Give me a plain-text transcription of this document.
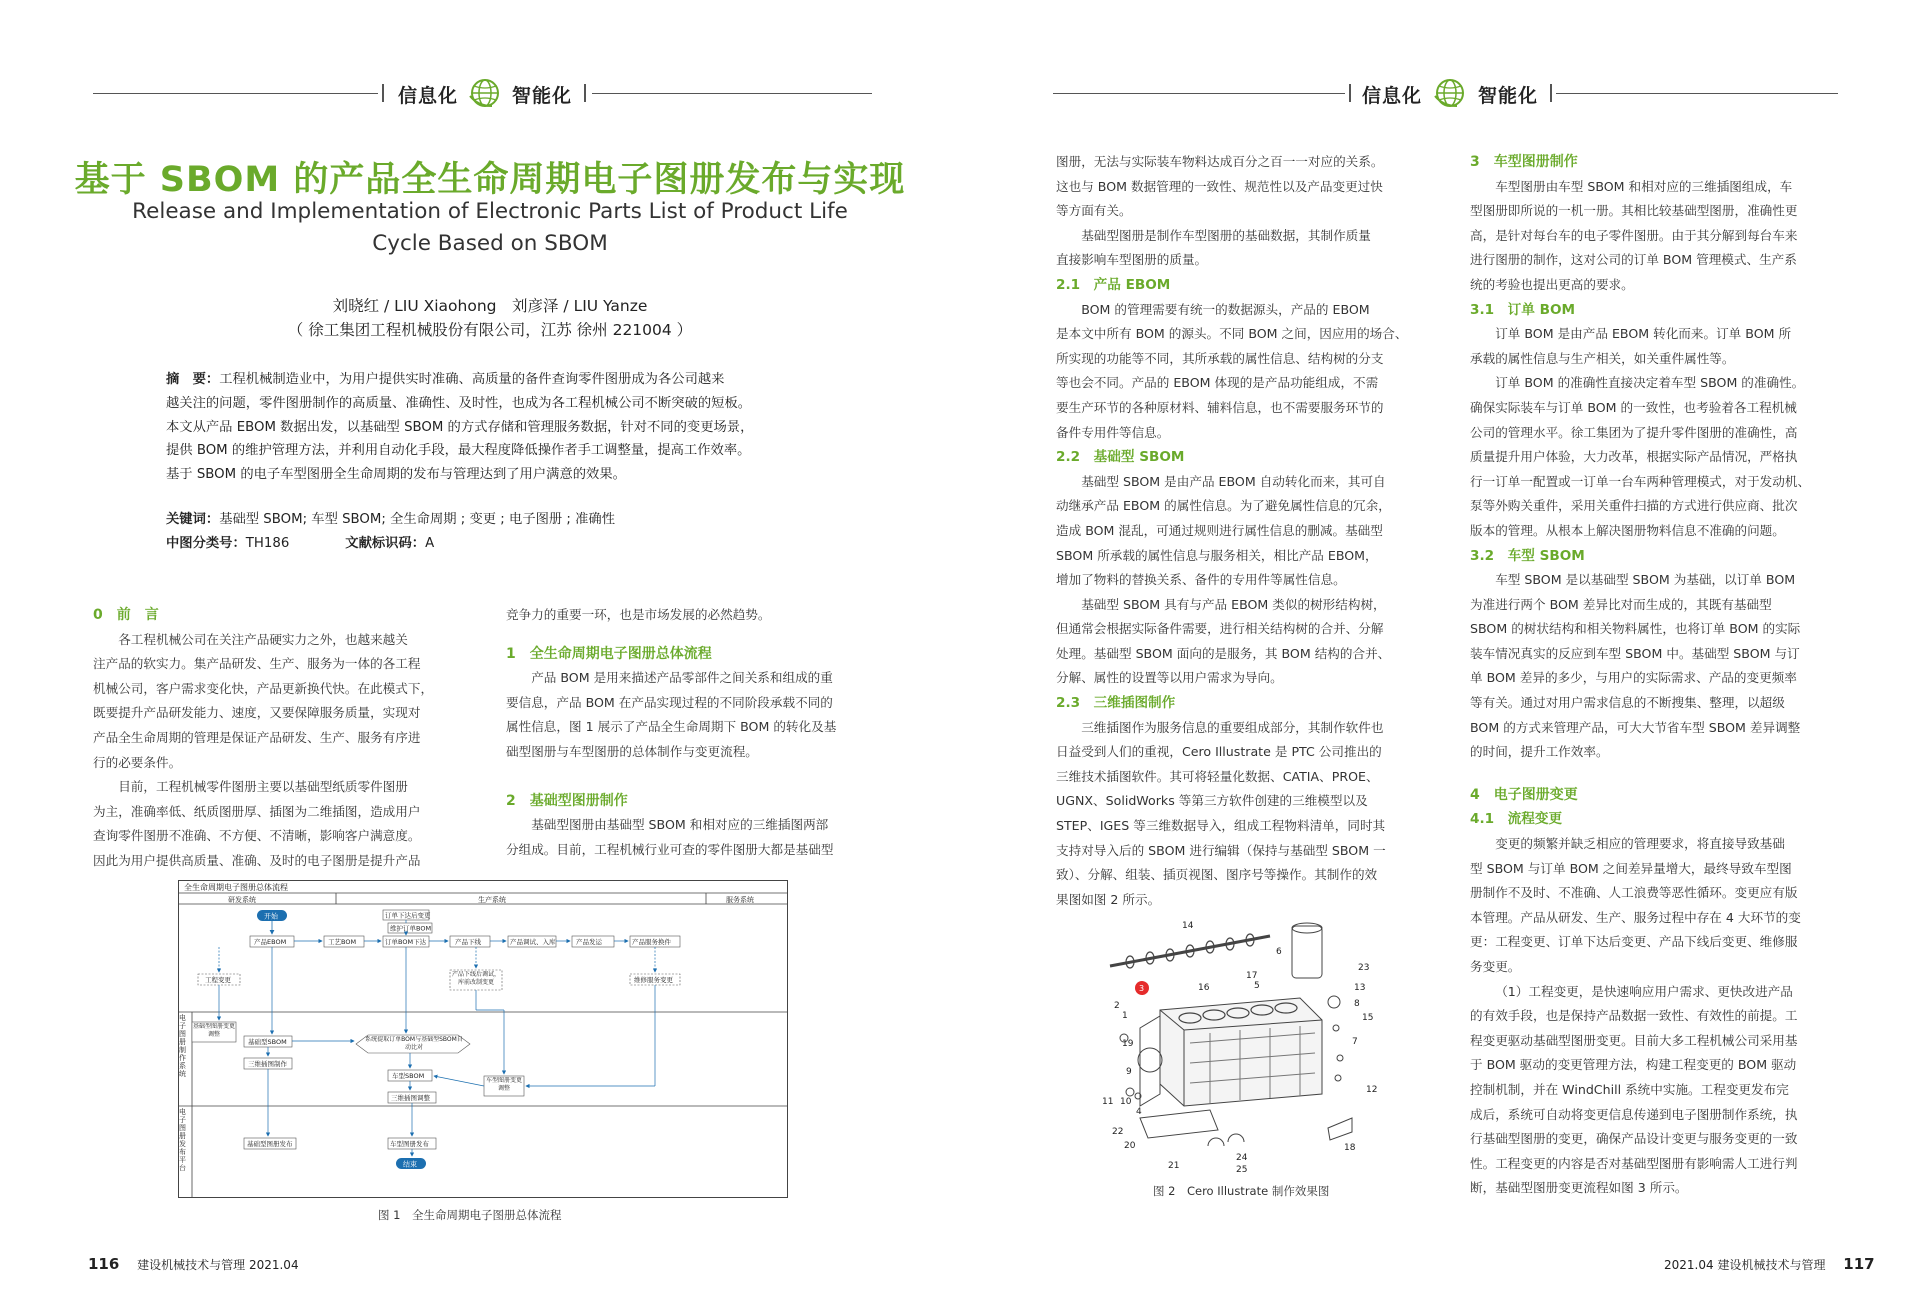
信息化	智能化	信息化	智能化
基于 SBOM 的产品全生命周期电子图册发布与实现
Release and Implementation of Electronic Parts List of Product Life
Cycle Based on SBOM
刘晓红 / LIU Xiaohong　刘彦泽 / LIU Yanze
（ 徐工集团工程机械股份有限公司，江苏 徐州 221004 ）
摘　要：工程机械制造业中，为用户提供实时准确、高质量的备件查询零件图册成为各公司越来
越关注的问题，零件图册制作的高质量、准确性、及时性，也成为各工程机械公司不断突破的短板。
本文从产品 EBOM 数据出发，以基础型 SBOM 的方式存储和管理服务数据，针对不同的变更场景，
提供 BOM 的维护管理方法，并利用自动化手段，最大程度降低操作者手工调整量，提高工作效率。
基于 SBOM 的电子车型图册全生命周期的发布与管理达到了用户满意的效果。
关键词：基础型 SBOM; 车型 SBOM; 全生命周期 ; 变更 ; 电子图册 ; 准确性
中图分类号：TH186	文献标识码：A

0　前　言

各工程机械公司在关注产品硬实力之外，也越来越关

注产品的软实力。集产品研发、生产、服务为一体的各工程

机械公司，客户需求变化快，产品更新换代快。在此模式下，

既要提升产品研发能力、速度，又要保障服务质量，实现对

产品全生命周期的管理是保证产品研发、生产、服务有序进

行的必要条件。

目前，工程机械零件图册主要以基础型纸质零件图册

为主，准确率低、纸质图册厚、插图为二维插图，造成用户

查询零件图册不准确、不方便、不清晰，影响客户满意度。

因此为用户提供高质量、准确、及时的电子图册是提升产品

竞争力的重要一环，也是市场发展的必然趋势。

1　全生命周期电子图册总体流程

产品 BOM 是用来描述产品零部件之间关系和组成的重

要信息，产品 BOM 在产品实现过程的不同阶段承载不同的

属性信息，图 1 展示了产品全生命周期下 BOM 的转化及基

础型图册与车型图册的总体制作与变更流程。

2　基础型图册制作

基础型图册由基础型 SBOM 和相对应的三维插图两部

分组成。目前，工程机械行业可查的零件图册大都是基础型

全生命周期电子图册总体流程
研发系统	生产系统	服务系统
电子图册制作系统
电子图册发布平台
开始
产品EBOM	工艺BOM	订单BOM下达	产品下线	产品调试、入库	产品发运	产品服务换件
订单下达后变更
维护订单BOM
工程变更
产品下线后调试，库前改制变更	维修服务变更
基础型SBOM
基础型图册变更调整
系统提取订单BOM与基础型SBOM自动比对
三维插图制作
车型SBOM
三维插图调整
车型图册变更调整
基础型图册发布	车型图册发布
结束
图 1　全生命周期电子图册总体流程

图册，无法与实际装车物料达成百分之百一一对应的关系。

这也与 BOM 数据管理的一致性、规范性以及产品变更过快

等方面有关。

基础型图册是制作车型图册的基础数据，其制作质量

直接影响车型图册的质量。

2.1　产品 EBOM

BOM 的管理需要有统一的数据源头，产品的 EBOM

是本文中所有 BOM 的源头。不同 BOM 之间，因应用的场合、

所实现的功能等不同，其所承载的属性信息、结构树的分支

等也会不同。产品的 EBOM 体现的是产品功能组成，不需

要生产环节的各种原材料、辅料信息，也不需要服务环节的

备件专用件等信息。

2.2　基础型 SBOM

基础型 SBOM 是由产品 EBOM 自动转化而来，其可自

动继承产品 EBOM 的属性信息。为了避免属性信息的冗余，

造成 BOM 混乱，可通过规则进行属性信息的删减。基础型

SBOM 所承载的属性信息与服务相关，相比产品 EBOM，

增加了物料的替换关系、备件的专用件等属性信息。

基础型 SBOM 具有与产品 EBOM 类似的树形结构树，

但通常会根据实际备件需要，进行相关结构树的合并、分解

处理。基础型 SBOM 面向的是服务，其 BOM 结构的合并、

分解、属性的设置等以用户需求为导向。

2.3　三维插图制作

三维插图作为服务信息的重要组成部分，其制作软件也

日益受到人们的重视，Cero Illustrate 是 PTC 公司推出的

三维技术插图软件。其可将轻量化数据、CATIA、PROE、

UGNX、SolidWorks 等第三方软件创建的三维模型以及

STEP、IGES 等三维数据导入，组成工程物料清单，同时其

支持对导入后的 SBOM 进行编辑（保持与基础型 SBOM 一

致）、分解、组装、插页视图、图序号等操作。其制作的效

果图如图 2 所示。

14
6
3	16
17
5
23
13
8
15
2
1
7
19
9
12
11 10
4
22
20
21
24
25
18
图 2　Cero Illustrate 制作效果图

3　车型图册制作

车型图册由车型 SBOM 和相对应的三维插图组成，车

型图册即所说的一机一册。其相比较基础型图册，准确性更

高，是针对每台车的电子零件图册。由于其分解到每台车来

进行图册的制作，这对公司的订单 BOM 管理模式、生产系

统的考验也提出更高的要求。

3.1　订单 BOM

订单 BOM 是由产品 EBOM 转化而来。订单 BOM 所

承载的属性信息与生产相关，如关重件属性等。

订单 BOM 的准确性直接决定着车型 SBOM 的准确性。

确保实际装车与订单 BOM 的一致性，也考验着各工程机械

公司的管理水平。徐工集团为了提升零件图册的准确性，高

质量提升用户体验，大力改革，根据实际产品情况，严格执

行一订单一配置或一订单一台车两种管理模式，对于发动机、

泵等外购关重件，采用关重件扫描的方式进行供应商、批次

版本的管理。从根本上解决图册物料信息不准确的问题。

3.2　车型 SBOM

车型 SBOM 是以基础型 SBOM 为基础，以订单 BOM

为准进行两个 BOM 差异比对而生成的，其既有基础型

SBOM 的树状结构和相关物料属性，也将订单 BOM 的实际

装车情况真实的反应到车型 SBOM 中。基础型 SBOM 与订

单 BOM 差异的多少，与用户的实际需求、产品的变更频率

等有关。通过对用户需求信息的不断搜集、整理，以超级

BOM 的方式来管理产品，可大大节省车型 SBOM 差异调整

的时间，提升工作效率。

4　电子图册变更

4.1　流程变更

变更的频繁并缺乏相应的管理要求，将直接导致基础

型 SBOM 与订单 BOM 之间差异量增大，最终导致车型图

册制作不及时、不准确、人工浪费等恶性循环。变更应有版

本管理。产品从研发、生产、服务过程中存在 4 大环节的变

更：工程变更、订单下达后变更、产品下线后变更、维修服

务变更。

（1）工程变更，是快速响应用户需求、更快改进产品

的有效手段，也是保持产品数据一致性、有效性的前提。工

程变更驱动基础型图册变更。目前大多工程机械公司采用基

于 BOM 驱动的变更管理方法，构建工程变更的 BOM 驱动

控制机制，并在 WindChill 系统中实施。工程变更发布完

成后，系统可自动将变更信息传递到电子图册制作系统，执

行基础型图册的变更，确保产品设计变更与服务变更的一致

性。工程变更的内容是否对基础型图册有影响需人工进行判

断，基础型图册变更流程如图 3 所示。

116 建设机械技术与管理 2021.04	2021.04 建设机械技术与管理 117
